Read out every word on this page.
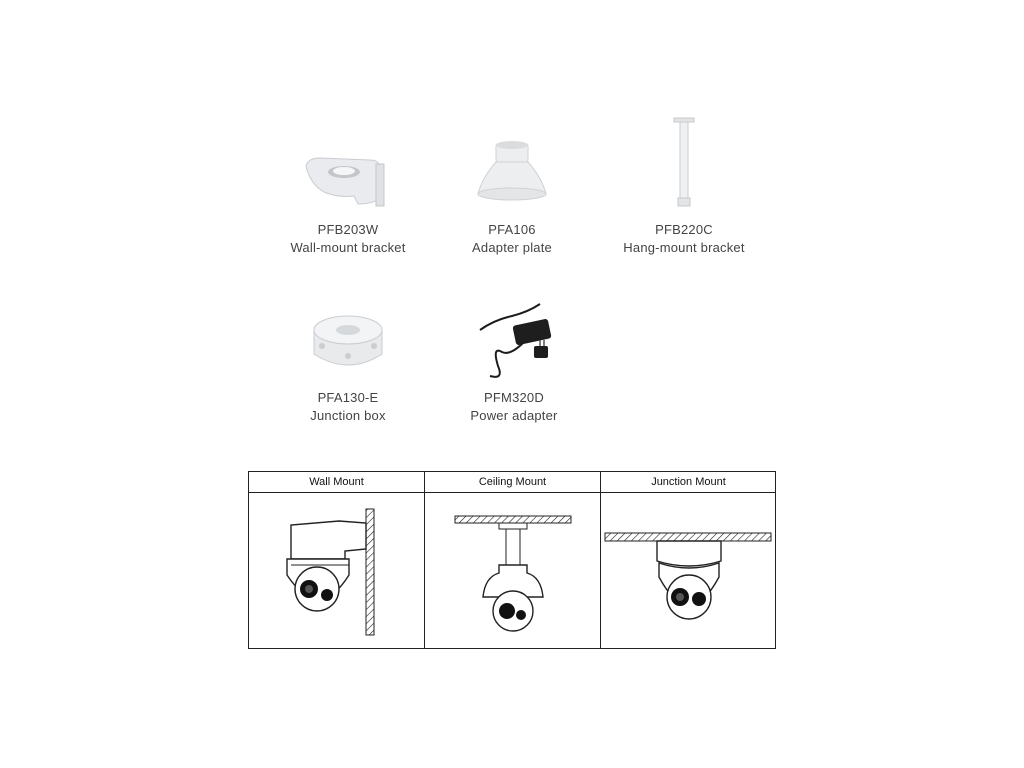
PFB203W
Wall-mount bracket
PFA106
Adapter plate
PFB220C
Hang-mount bracket
PFA130-E
Junction box
PFM320D
Power adapter
Wall Mount	Ceiling Mount	Junction Mount
